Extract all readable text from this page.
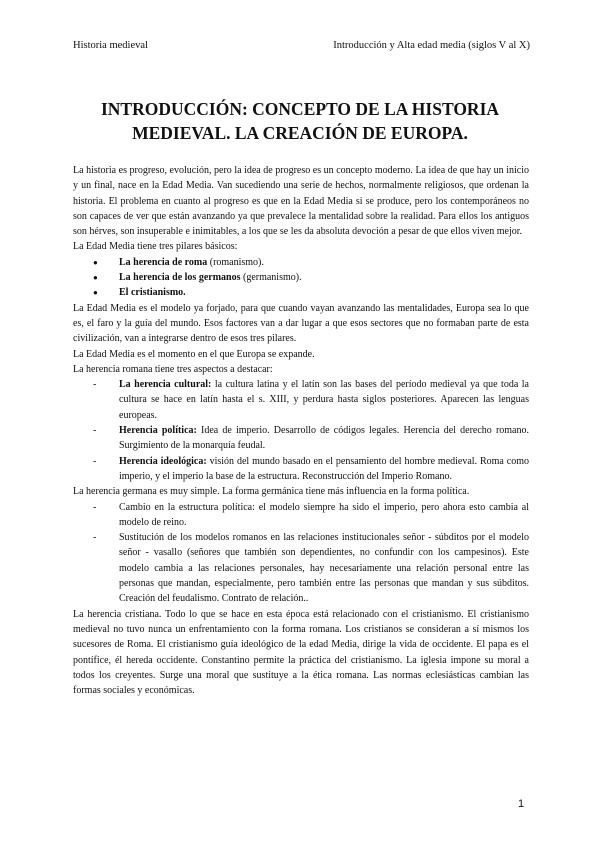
Historia medieval	Introducción y Alta edad media (siglos V al X)
INTRODUCCIÓN: CONCEPTO DE LA HISTORIA
MEDIEVAL. LA CREACIÓN DE EUROPA.

La historia es progreso, evolución, pero la idea de progreso es un concepto moderno. La idea de que hay un inicio y un final, nace en la Edad Media. Van sucediendo una serie de hechos, normalmente religiosos, que ordenan la historia. El problema en cuanto al progreso es que en la Edad Media si se produce, pero los contemporáneos no son capaces de ver que están avanzando ya que prevalece la mentalidad sobre la realidad. Para ellos los antiguos son hérves, son insuperable e inimitables, a los que se les da absoluta devoción a pesar de que ellos viven mejor.

La Edad Media tiene tres pilares básicos:

● La herencia de roma (romanismo).
● La herencia de los germanos (germanismo).
● El cristianismo.

La Edad Media es el modelo ya forjado, para que cuando vayan avanzando las mentalidades, Europa sea lo que es, el faro y la guía del mundo. Esos factores van a dar lugar a que esos sectores que no formaban parte de esta civilización, van a integrarse dentro de esos tres pilares.

La Edad Media es el momento en el que Europa se expande.

La herencia romana tiene tres aspectos a destacar:

- La herencia cultural: la cultura latina y el latín son las bases del período medieval ya que toda la cultura se hace en latín hasta el s. XIII, y perdura hasta siglos posteriores. Aparecen las lenguas europeas.
- Herencia política: Idea de imperio. Desarrollo de códigos legales. Herencia del derecho romano. Surgimiento de la monarquía feudal.
- Herencia ideológica: visión del mundo basado en el pensamiento del hombre medieval. Roma como imperio, y el imperio la base de la estructura. Reconstrucción del Imperio Romano.

La herencia germana es muy simple. La forma germánica tiene más influencia en la forma política.

- Cambio en la estructura política: el modelo siempre ha sido el imperio, pero ahora esto cambia al modelo de reino.
- Sustitución de los modelos romanos en las relaciones institucionales señor - súbditos por el modelo señor - vasallo (señores que también son dependientes, no confundir con los campesinos). Este modelo cambia a las relaciones personales, hay necesariamente una relación personal entre las personas que mandan, especialmente, pero también entre las personas que mandan y sus súbditos. Creación del feudalismo. Contrato de relación..

La herencia cristiana. Todo lo que se hace en esta época está relacionado con el cristianismo. El cristianismo medieval no tuvo nunca un enfrentamiento con la forma romana. Los cristianos se consideran a sí mismos los sucesores de Roma. El cristianismo guía ideológico de la edad Media, dirige la vida de occidente. El papa es el pontífice, él hereda occidente. Constantino permite la práctica del cristianismo. La iglesia impone su moral a todos los creyentes. Surge una moral que sustituye a la ética romana. Las normas eclesiásticas cambian las formas sociales y económicas.

1
